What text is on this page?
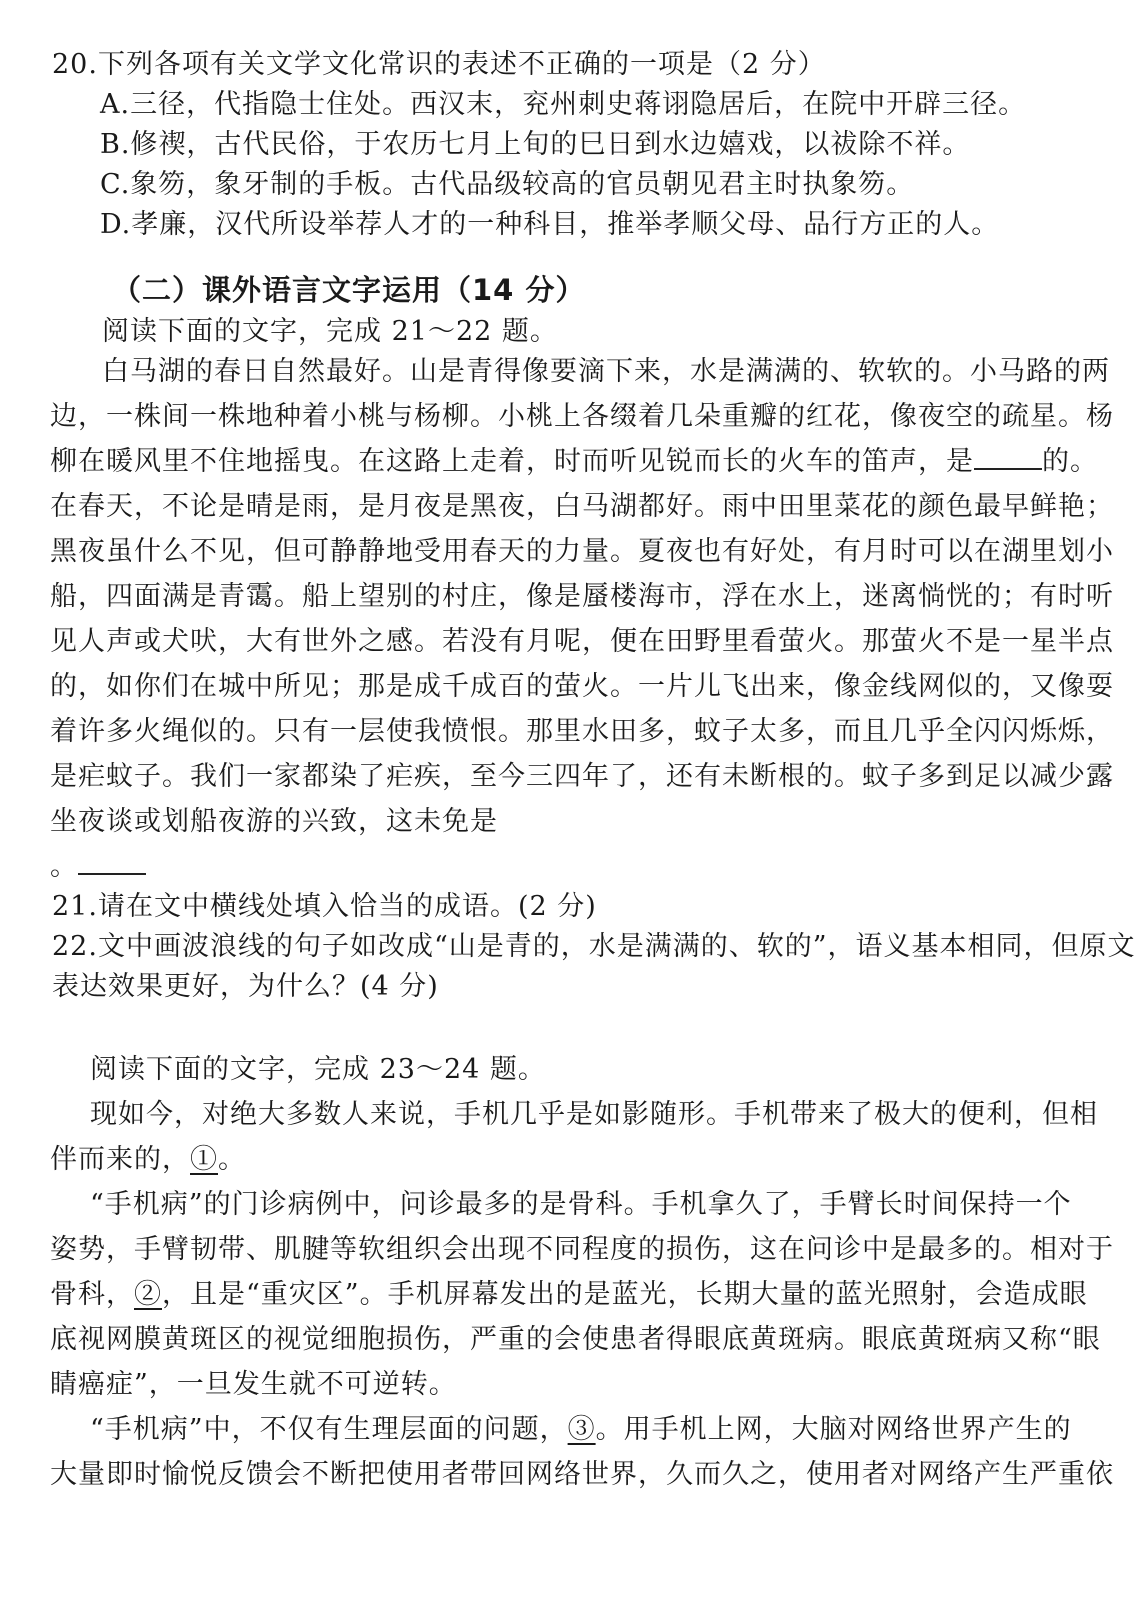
20.下列各项有关文学文化常识的表述不正确的一项是（2 分）
A.三径，代指隐士住处。西汉末，兖州刺史蒋诩隐居后，在院中开辟三径。
B.修禊，古代民俗，于农历七月上旬的巳日到水边嬉戏，以祓除不祥。
C.象笏，象牙制的手板。古代品级较高的官员朝见君主时执象笏。
D.孝廉，汉代所设举荐人才的一种科目，推举孝顺父母、品行方正的人。
（二）课外语言文字运用（14 分）
阅读下面的文字，完成 21～22 题。
白马湖的春日自然最好。山是青得像要滴下来，水是满满的、软软的。小马路的两
边，一株间一株地种着小桃与杨柳。小桃上各缀着几朵重瓣的红花，像夜空的疏星。杨
柳在暖风里不住地摇曳。在这路上走着，时而听见锐而长的火车的笛声，是	的。
在春天，不论是晴是雨，是月夜是黑夜，白马湖都好。雨中田里菜花的颜色最早鲜艳；
黑夜虽什么不见，但可静静地受用春天的力量。夏夜也有好处，有月时可以在湖里划小
船，四面满是青霭。船上望别的村庄，像是蜃楼海市，浮在水上，迷离惝恍的；有时听
见人声或犬吠，大有世外之感。若没有月呢，便在田野里看萤火。那萤火不是一星半点
的，如你们在城中所见；那是成千成百的萤火。一片儿飞出来，像金线网似的，又像耍
着许多火绳似的。只有一层使我愤恨。那里水田多，蚊子太多，而且几乎全闪闪烁烁，
是疟蚊子。我们一家都染了疟疾，至今三四年了，还有未断根的。蚊子多到足以减少露
坐夜谈或划船夜游的兴致，这未免是
。
21.请在文中横线处填入恰当的成语。(2 分)
22.文中画波浪线的句子如改成“山是青的，水是满满的、软的”，语义基本相同，但原文
表达效果更好，为什么？(4 分)
阅读下面的文字，完成 23～24 题。
现如今，对绝大多数人来说，手机几乎是如影随形。手机带来了极大的便利，但相
伴而来的，①。
“手机病”的门诊病例中，问诊最多的是骨科。手机拿久了，手臂长时间保持一个
姿势，手臂韧带、肌腱等软组织会出现不同程度的损伤，这在问诊中是最多的。相对于
骨科，②，且是“重灾区”。手机屏幕发出的是蓝光，长期大量的蓝光照射，会造成眼
底视网膜黄斑区的视觉细胞损伤，严重的会使患者得眼底黄斑病。眼底黄斑病又称“眼
睛癌症”，一旦发生就不可逆转。
“手机病”中，不仅有生理层面的问题，③。用手机上网，大脑对网络世界产生的
大量即时愉悦反馈会不断把使用者带回网络世界，久而久之，使用者对网络产生严重依
